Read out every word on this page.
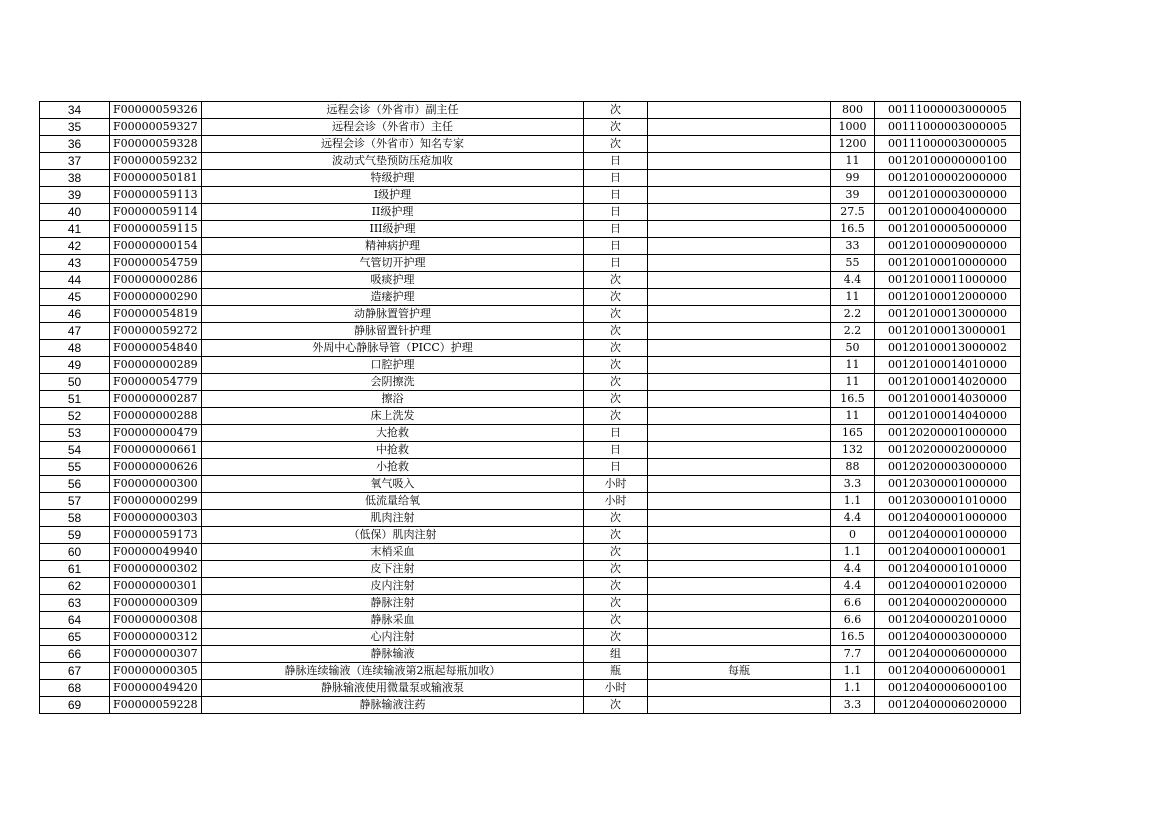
34	F00000059326	远程会诊（外省市）副主任	次		800	00111000003000005
35	F00000059327	远程会诊（外省市）主任	次		1000	00111000003000005
36	F00000059328	远程会诊（外省市）知名专家	次		1200	00111000003000005
37	F00000059232	波动式气垫预防压疮加收	日		11	00120100000000100
38	F00000050181	特级护理	日		99	00120100002000000
39	F00000059113	I级护理	日		39	00120100003000000
40	F00000059114	II级护理	日		27.5	00120100004000000
41	F00000059115	III级护理	日		16.5	00120100005000000
42	F00000000154	精神病护理	日		33	00120100009000000
43	F00000054759	气管切开护理	日		55	00120100010000000
44	F00000000286	吸痰护理	次		4.4	00120100011000000
45	F00000000290	造瘘护理	次		11	00120100012000000
46	F00000054819	动静脉置管护理	次		2.2	00120100013000000
47	F00000059272	静脉留置针护理	次		2.2	00120100013000001
48	F00000054840	外周中心静脉导管（PICC）护理	次		50	00120100013000002
49	F00000000289	口腔护理	次		11	00120100014010000
50	F00000054779	会阴擦洗	次		11	00120100014020000
51	F00000000287	擦浴	次		16.5	00120100014030000
52	F00000000288	床上洗发	次		11	00120100014040000
53	F00000000479	大抢救	日		165	00120200001000000
54	F00000000661	中抢救	日		132	00120200002000000
55	F00000000626	小抢救	日		88	00120200003000000
56	F00000000300	氧气吸入	小时		3.3	00120300001000000
57	F00000000299	低流量给氧	小时		1.1	00120300001010000
58	F00000000303	肌肉注射	次		4.4	00120400001000000
59	F00000059173	（低保）肌肉注射	次		0	00120400001000000
60	F00000049940	末梢采血	次		1.1	00120400001000001
61	F00000000302	皮下注射	次		4.4	00120400001010000
62	F00000000301	皮内注射	次		4.4	00120400001020000
63	F00000000309	静脉注射	次		6.6	00120400002000000
64	F00000000308	静脉采血	次		6.6	00120400002010000
65	F00000000312	心内注射	次		16.5	00120400003000000
66	F00000000307	静脉输液	组		7.7	00120400006000000
67	F00000000305	静脉连续输液（连续输液第2瓶起每瓶加收）	瓶	每瓶	1.1	00120400006000001
68	F00000049420	静脉输液使用微量泵或输液泵	小时		1.1	00120400006000100
69	F00000059228	静脉输液注药	次		3.3	00120400006020000
